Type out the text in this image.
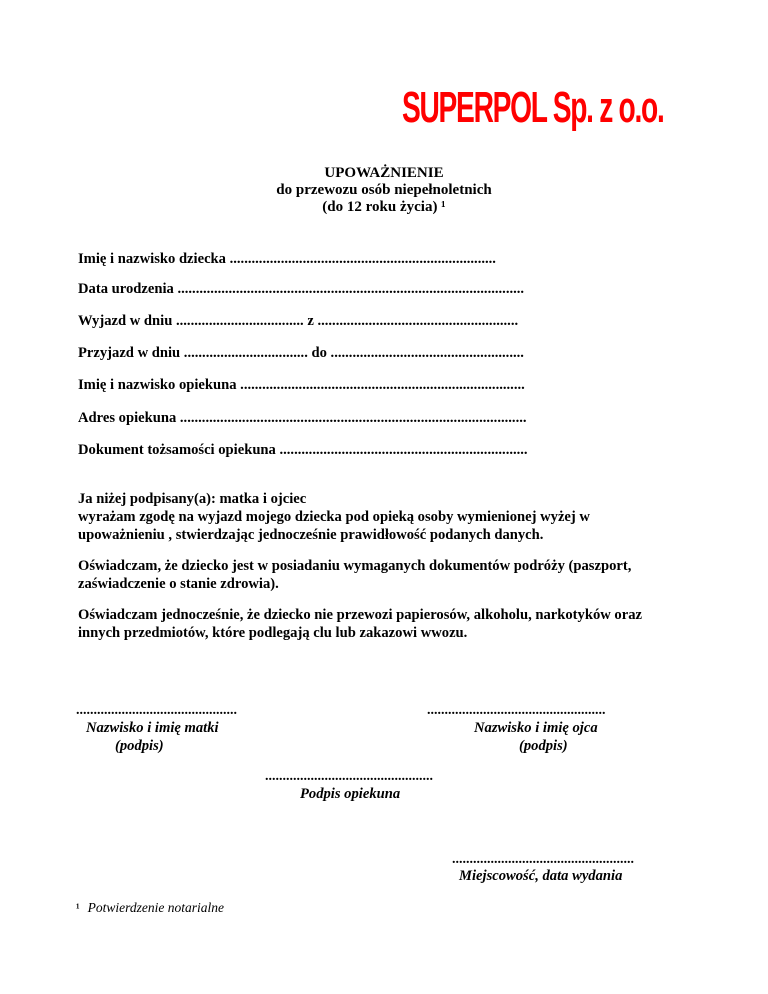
SUPERPOL Sp. z o.o.
UPOWAŻNIENIE
do przewozu osób niepełnoletnich
(do 12 roku życia) ¹
Imię i nazwisko dziecka .........................................................................
Data urodzenia ...............................................................................................
Wyjazd w dniu ................................... z .......................................................
Przyjazd w dniu .................................. do .....................................................
Imię i nazwisko opiekuna ..............................................................................
Adres opiekuna ...............................................................................................
Dokument tożsamości opiekuna ....................................................................
Ja niżej podpisany(a): matka i ojciec
wyrażam zgodę na wyjazd mojego dziecka pod opieką osoby wymienionej wyżej w
upoważnieniu , stwierdzając jednocześnie prawidłowość podanych danych.
Oświadczam, że dziecko jest w posiadaniu wymaganych dokumentów podróży (paszport,
zaświadczenie o stanie zdrowia).
Oświadczam jednocześnie, że dziecko nie przewozi papierosów, alkoholu, narkotyków oraz
innych przedmiotów, które podlegają clu lub zakazowi wwozu.
..............................................
Nazwisko i imię matki
(podpis)
...................................................
Nazwisko i imię ojca
(podpis)
................................................
Podpis opiekuna
....................................................
Miejscowość, data wydania
¹ Potwierdzenie notarialne
